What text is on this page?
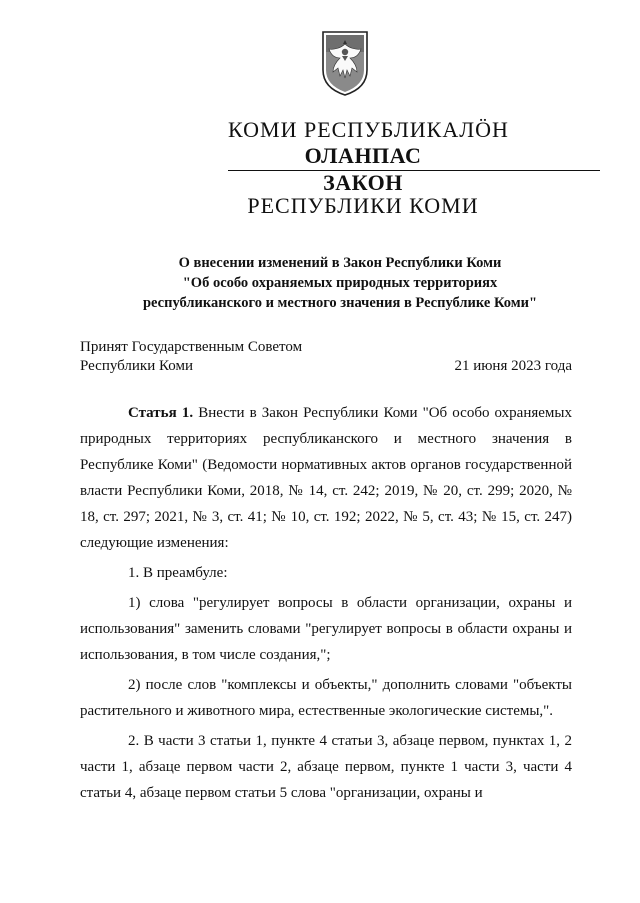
КОМИ РЕСПУБЛИКАЛÖН
ОЛАНПАС
ЗАКОН
РЕСПУБЛИКИ КОМИ
О внесении изменений в Закон Республики Коми
"Об особо охраняемых природных территориях
республиканского и местного значения в Республике Коми"
Принят Государственным Советом
Республики Коми	21 июня 2023 года
Статья 1. Внести в Закон Республики Коми "Об особо охраняемых природных территориях республиканского и местного значения в Республике Коми" (Ведомости нормативных актов органов государственной власти Республики Коми, 2018, № 14, ст. 242; 2019, № 20, ст. 299; 2020, № 18, ст. 297; 2021, № 3, ст. 41; № 10, ст. 192; 2022, № 5, ст. 43; № 15, ст. 247) следующие изменения:
1. В преамбуле:
1) слова "регулирует вопросы в области организации, охраны и использования" заменить словами "регулирует вопросы в области охраны и использования, в том числе создания,";
2) после слов "комплексы и объекты," дополнить словами "объекты растительного и животного мира, естественные экологические системы,".
2. В части 3 статьи 1, пункте 4 статьи 3, абзаце первом, пунктах 1, 2 части 1, абзаце первом части 2, абзаце первом, пункте 1 части 3, части 4 статьи 4, абзаце первом статьи 5 слова "организации, охраны и
